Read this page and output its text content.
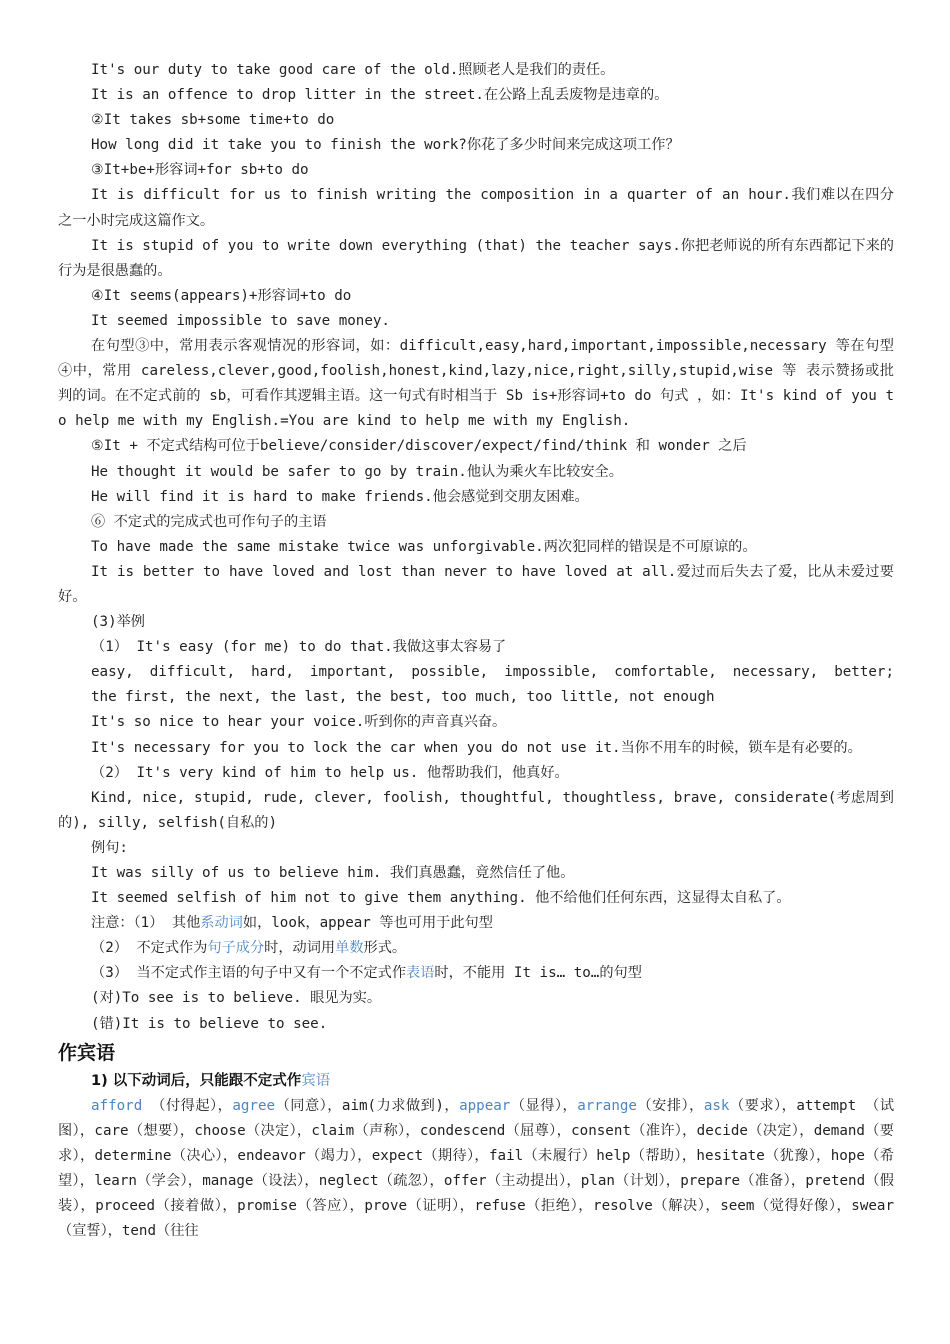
It's our duty to take good care of the old.照顾老人是我们的责任。

It is an offence to drop litter in the street.在公路上乱丢废物是违章的。

②It takes sb+some time+to do

How long did it take you to finish the work?你花了多少时间来完成这项工作？

③It+be+形容词+for sb+to do

It is difficult for us to finish writing the composition in a quarter of an hour.我们难以在四分之一小时完成这篇作文。

It is stupid of you to write down everything (that) the teacher says.你把老师说的所有东西都记下来的行为是很愚蠢的。

④It seems(appears)+形容词+to do

It seemed impossible to save money.

在句型③中，常用表示客观情况的形容词，如：difficult,easy,hard,important,impossible,necessary 等在句型④中，常用 careless,clever,good,foolish,honest,kind,lazy,nice,right,silly,stupid,wise 等 表示赞扬或批判的词。在不定式前的 sb，可看作其逻辑主语。这一句式有时相当于 Sb is+形容词+to do 句式 ，如：It's kind of you to help me with my English.=You are kind to help me with my English.

⑤It + 不定式结构可位于believe/consider/discover/expect/find/think 和 wonder 之后

He thought it would be safer to go by train.他认为乘火车比较安全。

He will find it is hard to make friends.他会感觉到交朋友困难。

⑥ 不定式的完成式也可作句子的主语

To have made the same mistake twice was unforgivable.两次犯同样的错误是不可原谅的。

It is better to have loved and lost than never to have loved at all.爱过而后失去了爱，比从未爱过要好。

(3)举例

（1） It's easy (for me) to do that.我做这事太容易了

easy, difficult, hard, important, possible, impossible, comfortable, necessary, better;

the first, the next, the last, the best, too much, too little, not enough

It's so nice to hear your voice.听到你的声音真兴奋。

It's necessary for you to lock the car when you do not use it.当你不用车的时候，锁车是有必要的。

（2） It's very kind of him to help us. 他帮助我们，他真好。

Kind, nice, stupid, rude, clever, foolish, thoughtful, thoughtless, brave, considerate(考虑周到的), silly, selfish(自私的)

例句:

It was silly of us to believe him. 我们真愚蠢，竟然信任了他。

It seemed selfish of him not to give them anything. 他不给他们任何东西，这显得太自私了。

注意：（1） 其他系动词如，look，appear 等也可用于此句型

（2） 不定式作为句子成分时，动词用单数形式。

（3） 当不定式作主语的句子中又有一个不定式作表语时，不能用 It is… to…的句型

(对)To see is to believe. 眼见为实。

(错)It is to believe to see.

作宾语

1) 以下动词后，只能跟不定式作宾语

afford （付得起），agree（同意），aim(力求做到)，appear（显得），arrange（安排），ask（要求），attempt （试图），care（想要），choose（决定），claim（声称），condescend（屈尊），consent（准许），decide（决定），demand（要求），determine（决心），endeavor（竭力），expect（期待），fail（未履行）help（帮助），hesitate（犹豫），hope（希望），learn（学会），manage（设法），neglect（疏忽），offer（主动提出），plan（计划），prepare（准备），pretend（假装），proceed（接着做），promise（答应），prove（证明），refuse（拒绝），resolve（解决），seem（觉得好像），swear（宣誓），tend（往往
